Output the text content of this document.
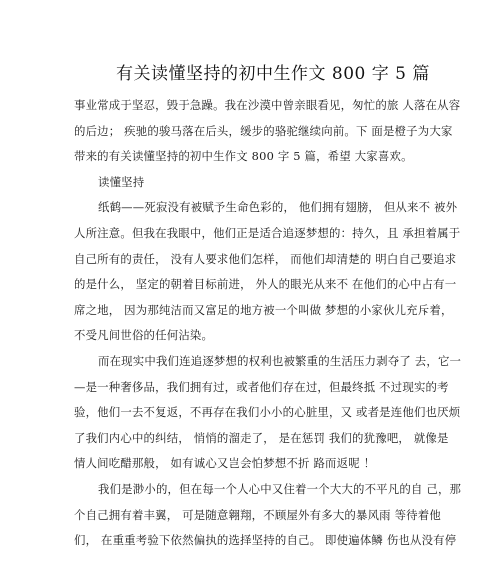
有关读懂坚持的初中生作文 800 字 5 篇
事业常成于坚忍，毁于急躁。我在沙漠中曾亲眼看见，匆忙的旅 人落在从容
的后边； 疾驰的骏马落在后头，缓步的骆驼继续向前。下 面是橙子为大家
带来的有关读懂坚持的初中生作文 800 字 5 篇，希望 大家喜欢。
读懂坚持
纸鹤——死寂没有被赋予生命色彩的， 他们拥有翅膀， 但从来不 被外
人所注意。但我在我眼中，他们正是适合追逐梦想的：持久，且 承担着属于
自己所有的责任， 没有人要求他们怎样， 而他们却清楚的 明白自己要追求
的是什么， 坚定的朝着目标前进， 外人的眼光从来不 在他们的心中占有一
席之地， 因为那纯洁而又富足的地方被一个叫做 梦想的小家伙儿充斥着，
不受凡间世俗的任何沾染。
而在现实中我们连追逐梦想的权利也被繁重的生活压力剥夺了 去，它一
—是一种奢侈品，我们拥有过，或者他们存在过，但最终抵 不过现实的考
验，他们一去不复返，不再存在我们小小的心脏里，又 或者是连他们也厌烦
了我们内心中的纠结， 悄悄的溜走了， 是在惩罚 我们的犹豫吧， 就像是
情人间吃醋那般， 如有诚心又岂会怕梦想不折 路而返呢 ！
我们是渺小的，但在每一个人心中又住着一个大大的不平凡的自 己，那
个自己拥有着丰翼， 可是随意翱翔，不顾屋外有多大的暴风雨 等待着他
们， 在重重考验下依然偏执的选择坚持的自己。 即使遍体鳞 伤也从没有停
